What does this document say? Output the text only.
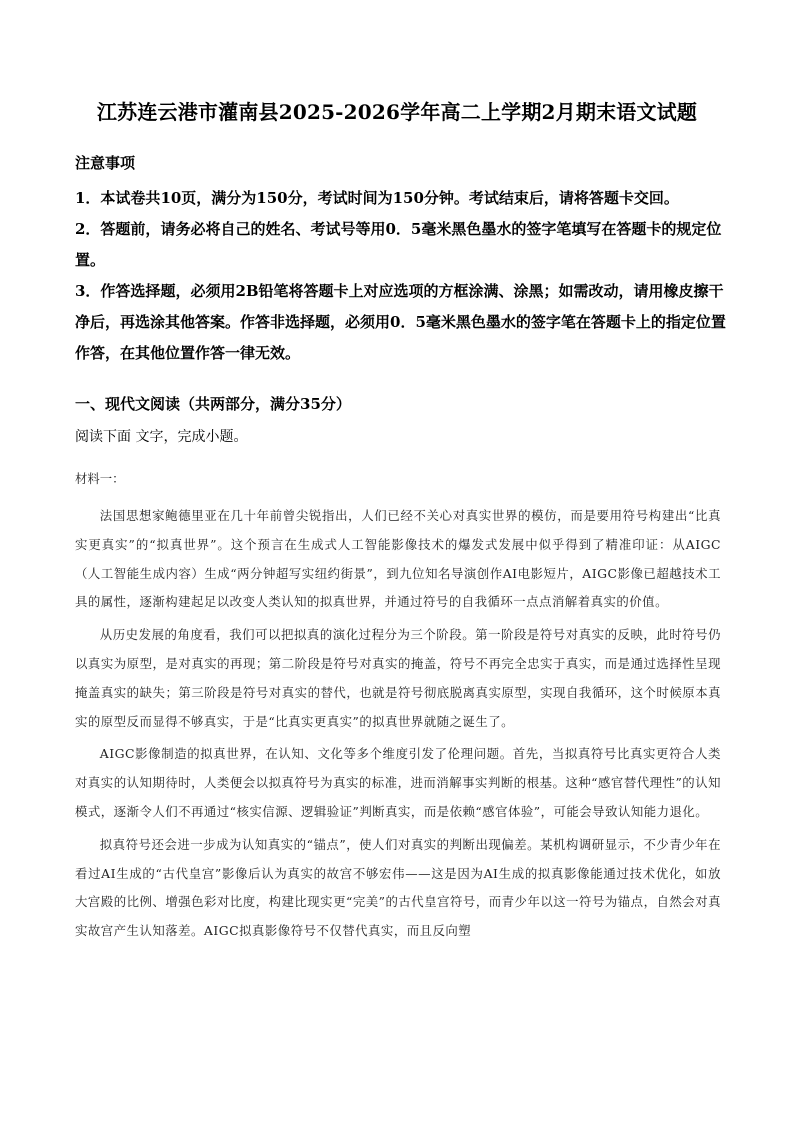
江苏连云港市灌南县2025-2026学年高二上学期2月期末语文试题
注意事项

1．本试卷共10页，满分为150分，考试时间为150分钟。考试结束后，请将答题卡交回。

2．答题前，请务必将自己的姓名、考试号等用0．5毫米黑色墨水的签字笔填写在答题卡的规定位置。

3．作答选择题，必须用2B铅笔将答题卡上对应选项的方框涂满、涂黑；如需改动，请用橡皮擦干净后，再选涂其他答案。作答非选择题，必须用0．5毫米黑色墨水的签字笔在答题卡上的指定位置作答，在其他位置作答一律无效。

一、现代文阅读（共两部分，满分35分）
阅读下面 文字，完成小题。

材料一：

法国思想家鲍德里亚在几十年前曾尖锐指出，人们已经不关心对真实世界的模仿，而是要用符号构建出“比真实更真实”的“拟真世界”。这个预言在生成式人工智能影像技术的爆发式发展中似乎得到了精准印证：从AIGC（人工智能生成内容）生成“两分钟超写实纽约街景”，到九位知名导演创作AI电影短片，AIGC影像已超越技术工具的属性，逐渐构建起足以改变人类认知的拟真世界，并通过符号的自我循环一点点消解着真实的价值。

从历史发展的角度看，我们可以把拟真的演化过程分为三个阶段。第一阶段是符号对真实的反映，此时符号仍以真实为原型，是对真实的再现；第二阶段是符号对真实的掩盖，符号不再完全忠实于真实，而是通过选择性呈现掩盖真实的缺失；第三阶段是符号对真实的替代，也就是符号彻底脱离真实原型，实现自我循环，这个时候原本真实的原型反而显得不够真实，于是“比真实更真实”的拟真世界就随之诞生了。

AIGC影像制造的拟真世界，在认知、文化等多个维度引发了伦理问题。首先，当拟真符号比真实更符合人类对真实的认知期待时，人类便会以拟真符号为真实的标准，进而消解事实判断的根基。这种“感官替代理性”的认知模式，逐渐令人们不再通过“核实信源、逻辑验证”判断真实，而是依赖“感官体验”，可能会导致认知能力退化。

拟真符号还会进一步成为认知真实的“锚点”，使人们对真实的判断出现偏差。某机构调研显示，不少青少年在看过AI生成的“古代皇宫”影像后认为真实的故宫不够宏伟——这是因为AI生成的拟真影像能通过技术优化，如放大宫殿的比例、增强色彩对比度，构建比现实更“完美”的古代皇宫符号，而青少年以这一符号为锚点，自然会对真实故宫产生认知落差。AIGC拟真影像符号不仅替代真实，而且反向塑
